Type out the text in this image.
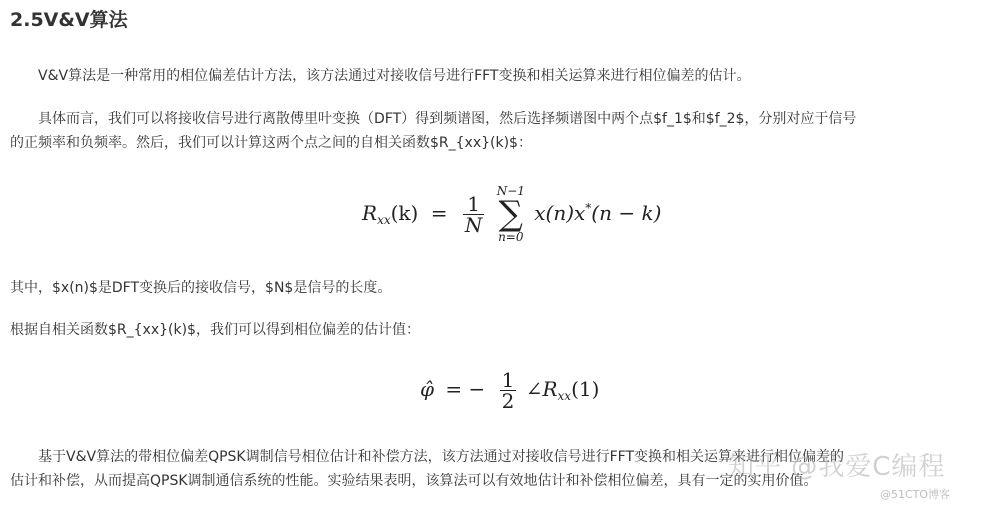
2.5V&V算法

V&V算法是一种常用的相位偏差估计方法，该方法通过对接收信号进行FFT变换和相关运算来进行相位偏差的估计。

具体而言，我们可以将接收信号进行离散傅里叶变换（DFT）得到频谱图，然后选择频谱图中两个点$f_1$和$f_2$，分别对应于信号
的正频率和负频率。然后，我们可以计算这两个点之间的自相关函数$R_{xx}(k)$：

$Rxx(k) = \frac{1}{N}$

N−1
∑
n=0
x(n)x*(n − k)

其中，$x(n)$是DFT变换后的接收信号，$N$是信号的长度。

根据自相关函数$R_{xx}(k)$，我们可以得到相位偏差的估计值：

φ̂ = − $\frac{1}{2}$ ∠Rxx(1)

基于V&V算法的带相位偏差QPSK调制信号相位估计和补偿方法，该方法通过对接收信号进行FFT变换和相关运算来进行相位偏差的
估计和补偿，从而提高QPSK调制通信系统的性能。实验结果表明，该算法可以有效地估计和补偿相位偏差，具有一定的实用价值。

知乎 @我爱C编程
@51CTO博客
